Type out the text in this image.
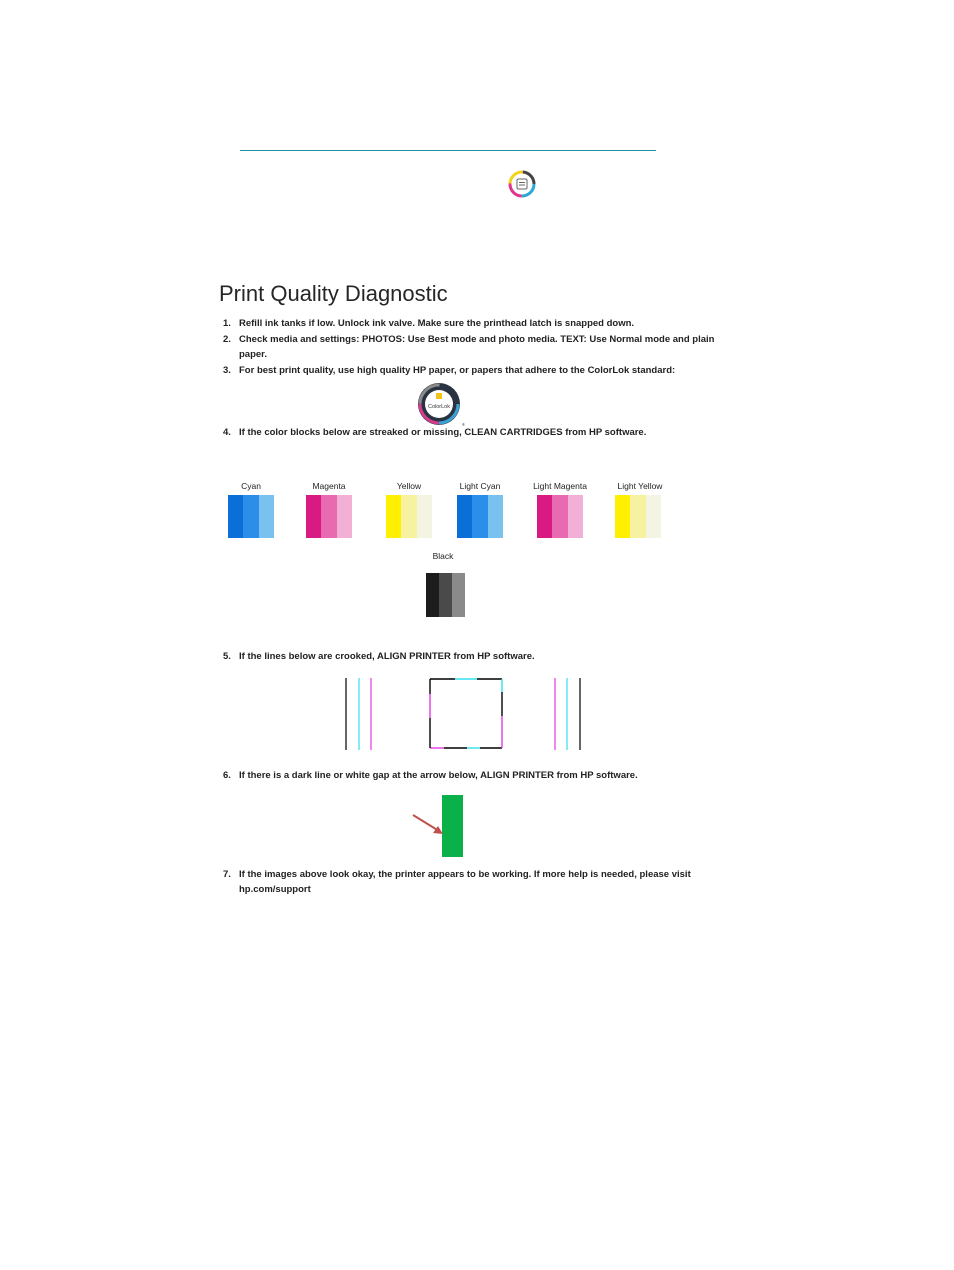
Print Quality Diagnostic
1. Refill ink tanks if low. Unlock ink valve. Make sure the printhead latch is snapped down.
2. Check media and settings: PHOTOS: Use Best mode and photo media. TEXT: Use Normal mode and plain
paper.
3. For best print quality, use high quality HP paper, or papers that adhere to the ColorLok standard:
ColorLok
®
4. If the color blocks below are streaked or missing, CLEAN CARTRIDGES from HP software.
Cyan	Magenta	Yellow	Light Cyan	Light Magenta	Light Yellow
Black
5. If the lines below are crooked, ALIGN PRINTER from HP software.
6. If there is a dark line or white gap at the arrow below, ALIGN PRINTER from HP software.
7. If the images above look okay, the printer appears to be working. If more help is needed, please visit
hp.com/support
